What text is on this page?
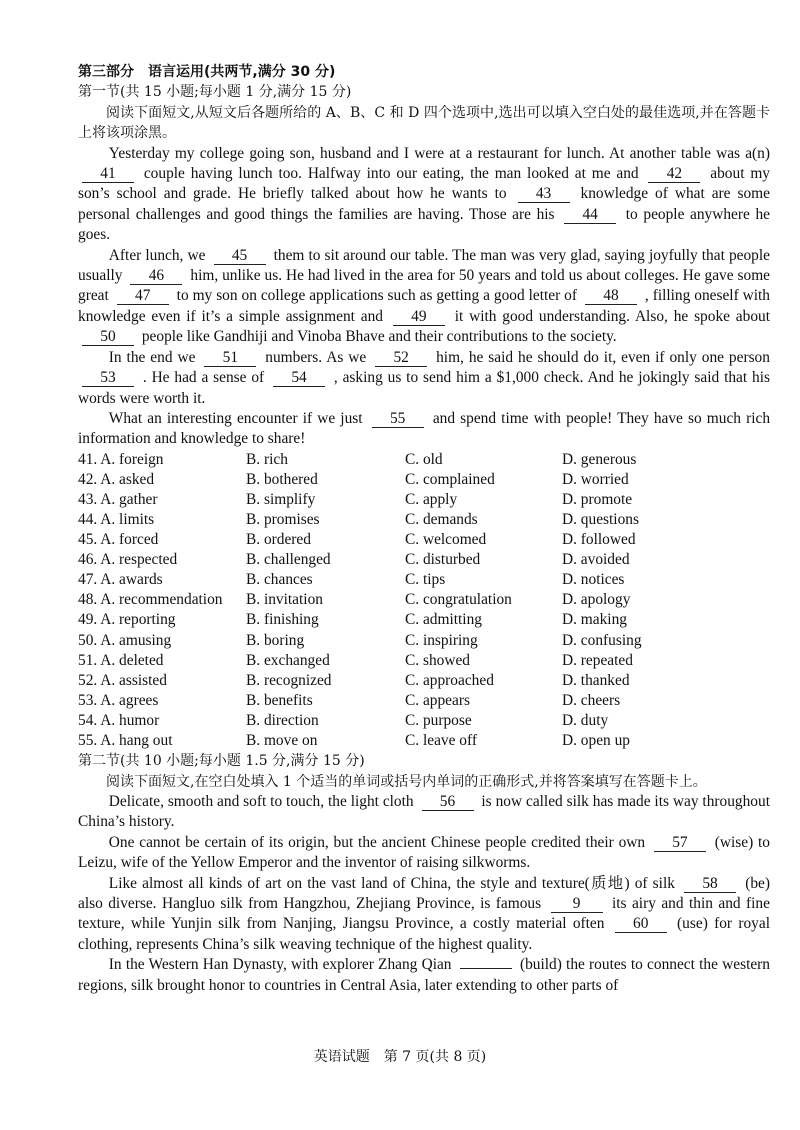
第三部分　语言运用(共两节,满分 30 分)

第一节(共 15 小题;每小题 1 分,满分 15 分)

阅读下面短文,从短文后各题所给的 A、B、C 和 D 四个选项中,选出可以填入空白处的最佳选项,并在答题卡上将该项涂黑。

Yesterday my college going son, husband and I were at a restaurant for lunch. At another table was a(n) 41 couple having lunch too. Halfway into our eating, the man looked at me and 42 about my son’s school and grade. He briefly talked about how he wants to 43 knowledge of what are some personal challenges and good things the families are having. Those are his 44 to people anywhere he goes.

After lunch, we 45 them to sit around our table. The man was very glad, saying joyfully that people usually 46 him, unlike us. He had lived in the area for 50 years and told us about colleges. He gave some great 47 to my son on college applications such as getting a good letter of 48 , filling oneself with knowledge even if it’s a simple assignment and 49 it with good understanding. Also, he spoke about 50 people like Gandhiji and Vinoba Bhave and their contributions to the society.

In the end we 51 numbers. As we 52 him, he said he should do it, even if only one person 53 . He had a sense of 54 , asking us to send him a $1,000 check. And he jokingly said that his words were worth it.

What an interesting encounter if we just 55 and spend time with people! They have so much rich information and knowledge to share!

41. A. foreign	B. rich	C. old	D. generous
42. A. asked	B. bothered	C. complained	D. worried
43. A. gather	B. simplify	C. apply	D. promote
44. A. limits	B. promises	C. demands	D. questions
45. A. forced	B. ordered	C. welcomed	D. followed
46. A. respected	B. challenged	C. disturbed	D. avoided
47. A. awards	B. chances	C. tips	D. notices
48. A. recommendation	B. invitation	C. congratulation	D. apology
49. A. reporting	B. finishing	C. admitting	D. making
50. A. amusing	B. boring	C. inspiring	D. confusing
51. A. deleted	B. exchanged	C. showed	D. repeated
52. A. assisted	B. recognized	C. approached	D. thanked
53. A. agrees	B. benefits	C. appears	D. cheers
54. A. humor	B. direction	C. purpose	D. duty
55. A. hang out	B. move on	C. leave off	D. open up

第二节(共 10 小题;每小题 1.5 分,满分 15 分)

阅读下面短文,在空白处填入 1 个适当的单词或括号内单词的正确形式,并将答案填写在答题卡上。

Delicate, smooth and soft to touch, the light cloth 56 is now called silk has made its way throughout China’s history.

One cannot be certain of its origin, but the ancient Chinese people credited their own 57 (wise) to Leizu, wife of the Yellow Emperor and the inventor of raising silkworms.

Like almost all kinds of art on the vast land of China, the style and texture(质地) of silk 58 (be) also diverse. Hangluo silk from Hangzhou, Zhejiang Province, is famous 9 its airy and thin and fine texture, while Yunjin silk from Nanjing, Jiangsu Province, a costly material often 60 (use) for royal clothing, represents China’s silk weaving technique of the highest quality.

In the Western Han Dynasty, with explorer Zhang Qian	(build) the routes to connect the western regions, silk brought honor to countries in Central Asia, later extending to other parts of

英语试题　第 7 页(共 8 页)
